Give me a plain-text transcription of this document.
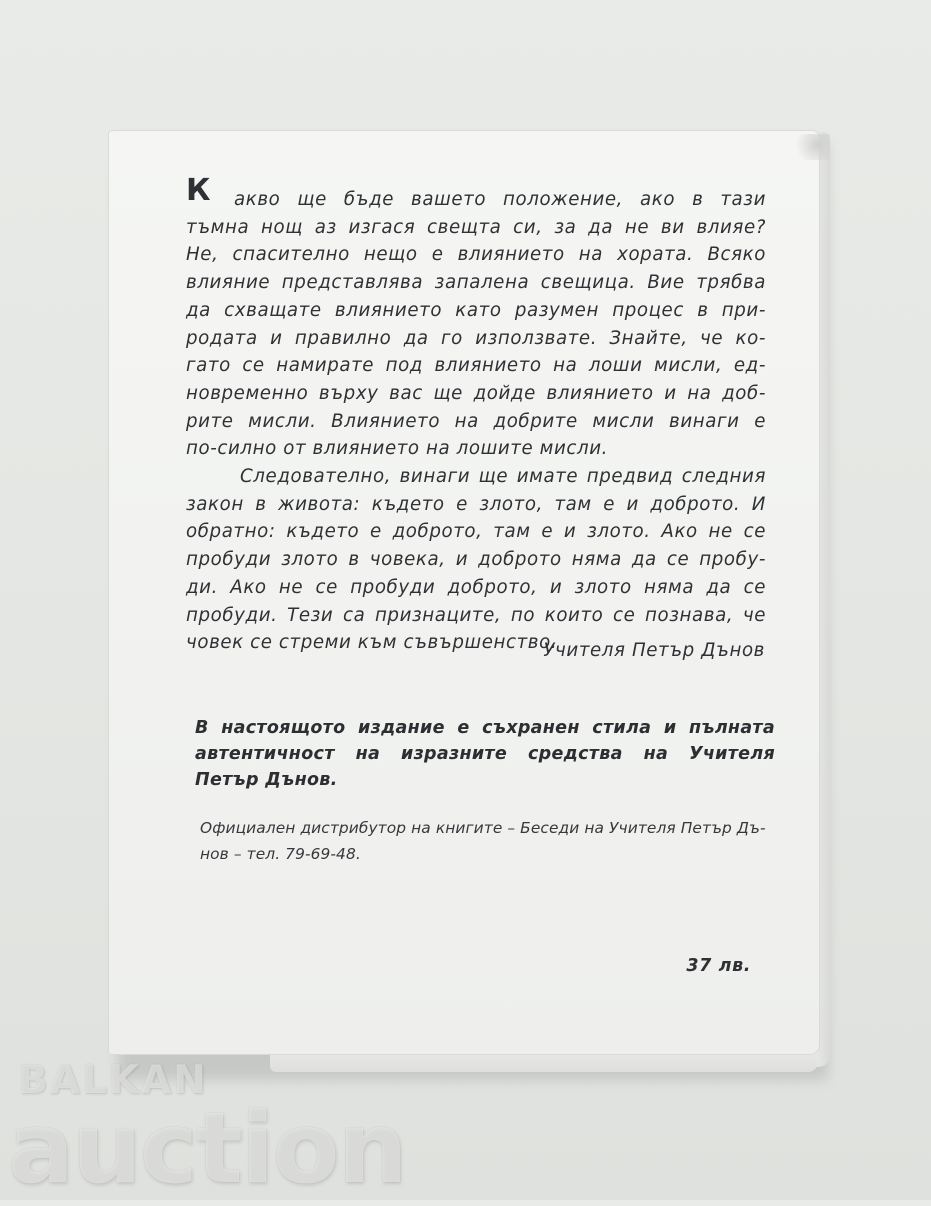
К акво ще бъде вашето положение, ако в тази
тъмна нощ аз изгася свещта си, за да не ви влияе?
Не, спасително нещо е влиянието на хората. Всяко
влияние представлява запалена свещица. Вие трябва
да схващате влиянието като разумен процес в при-
родата и правилно да го използвате. Знайте, че ко-
гато се намирате под влиянието на лоши мисли, ед-
новременно върху вас ще дойде влиянието и на доб-
рите мисли. Влиянието на добрите мисли винаги е
по-силно от влиянието на лошите мисли.
Следователно, винаги ще имате предвид следния
закон в живота: където е злото, там е и доброто. И
обратно: където е доброто, там е и злото. Ако не се
пробуди злото в човека, и доброто няма да се пробу-
ди. Ако не се пробуди доброто, и злото няма да се
пробуди. Тези са признаците, по които се познава, че
човек се стреми към съвършенство.
Учителя Петър Дънов
В настоящото издание е съхранен стила и пълната
автентичност на изразните средства на Учителя
Петър Дънов.
Официален дистрибутор на книгите – Беседи на Учителя Петър Дъ-
нов – тел. 79-69-48.
37 лв.
BALKAN
auction
